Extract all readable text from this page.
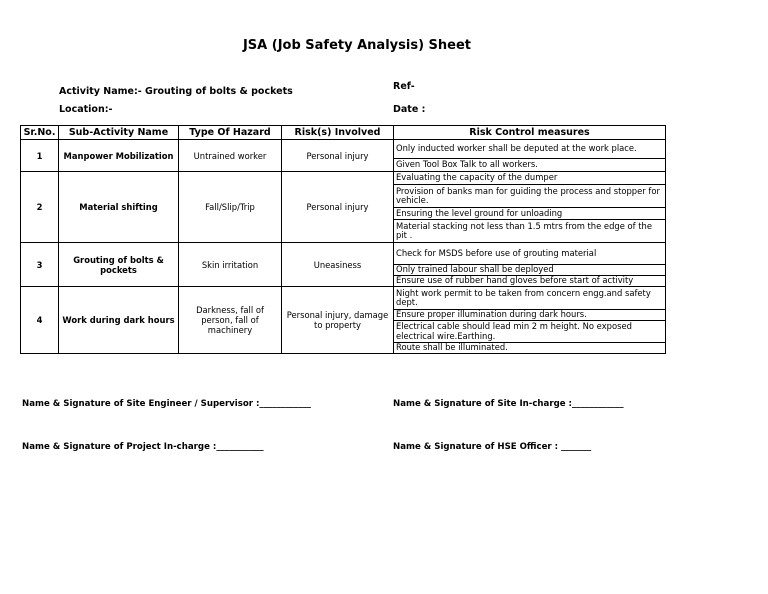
JSA (Job Safety Analysis) Sheet
Activity Name:- Grouting of bolts & pockets
Location:-
Ref-
Date :
Sr.No.	Sub-Activity Name	Type Of Hazard	Risk(s) Involved	Risk Control measures
1	Manpower Mobilization	Untrained worker	Personal injury	Only inducted worker shall be deputed at the work place.
				Given Tool Box Talk to all workers.
2	Material shifting	Fall/Slip/Trip	Personal injury	Evaluating the capacity of the dumper
				Provision of banks man for guiding the process and stopper for vehicle.
				Ensuring the level ground for unloading
				Material stacking not less than 1.5 mtrs from the edge of the pit .
3	Grouting of bolts & pockets	Skin irritation	Uneasiness	Check for MSDS before use of grouting material
				Only trained labour shall be deployed
				Ensure use of rubber hand gloves before start of activity
4	Work during dark hours	Darkness, fall of person, fall of machinery	Personal injury, damage to property	Night work permit to be taken from concern engg.and safety dept.
				Ensure proper illumination during dark hours.
				Electrical cable should lead min 2 m height. No exposed electrical wire.Earthing.
				Route shall be illuminated.
Name & Signature of Site Engineer / Supervisor :____________	Name & Signature of Site In-charge :____________
Name & Signature of Project In-charge :___________	Name & Signature of HSE Officer : _______
